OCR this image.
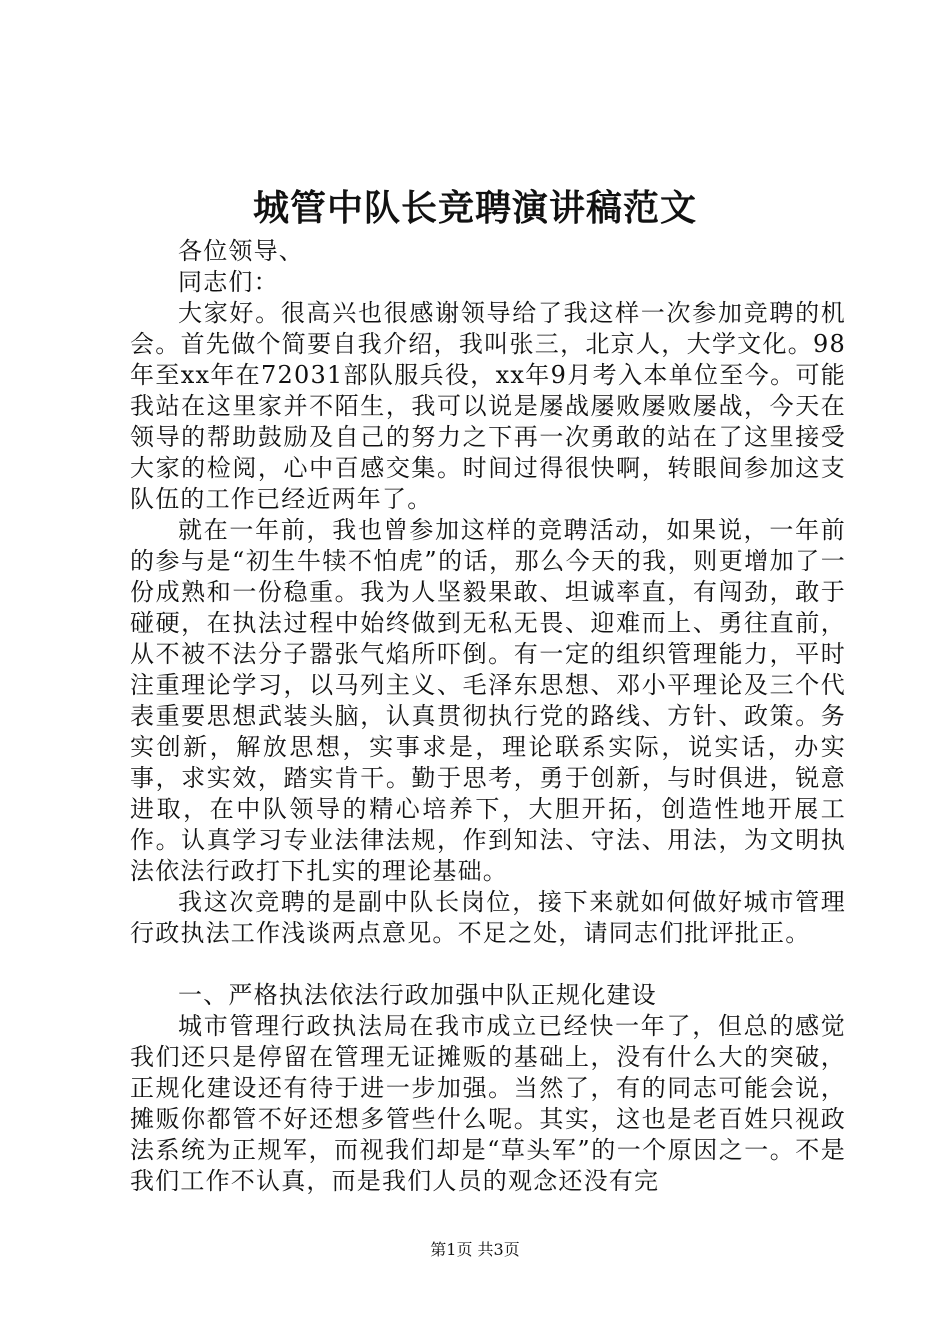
城管中队长竞聘演讲稿范文

各位领导、

同志们：

大家好。很高兴也很感谢领导给了我这样一次参加竞聘的机会。首先做个简要自我介绍，我叫张三，北京人，大学文化。98年至xx年在72031部队服兵役，xx年9月考入本单位至今。可能我站在这里家并不陌生，我可以说是屡战屡败屡败屡战，今天在领导的帮助鼓励及自己的努力之下再一次勇敢的站在了这里接受大家的检阅，心中百感交集。时间过得很快啊，转眼间参加这支队伍的工作已经近两年了。

就在一年前，我也曾参加这样的竞聘活动，如果说，一年前的参与是“初生牛犊不怕虎”的话，那么今天的我，则更增加了一份成熟和一份稳重。我为人坚毅果敢、坦诚率直，有闯劲，敢于碰硬，在执法过程中始终做到无私无畏、迎难而上、勇往直前，从不被不法分子嚣张气焰所吓倒。有一定的组织管理能力，平时注重理论学习，以马列主义、毛泽东思想、邓小平理论及三个代表重要思想武装头脑，认真贯彻执行党的路线、方针、政策。务实创新，解放思想，实事求是，理论联系实际，说实话，办实事，求实效，踏实肯干。勤于思考，勇于创新，与时俱进，锐意进取，在中队领导的精心培养下，大胆开拓，创造性地开展工作。认真学习专业法律法规，作到知法、守法、用法，为文明执法依法行政打下扎实的理论基础。

我这次竞聘的是副中队长岗位，接下来就如何做好城市管理行政执法工作浅谈两点意见。不足之处，请同志们批评批正。

一、严格执法依法行政加强中队正规化建设

城市管理行政执法局在我市成立已经快一年了，但总的感觉我们还只是停留在管理无证摊贩的基础上，没有什么大的突破，正规化建设还有待于进一步加强。当然了，有的同志可能会说，摊贩你都管不好还想多管些什么呢。其实，这也是老百姓只视政法系统为正规军，而视我们却是“草头军”的一个原因之一。不是我们工作不认真，而是我们人员的观念还没有完

第1页 共3页
